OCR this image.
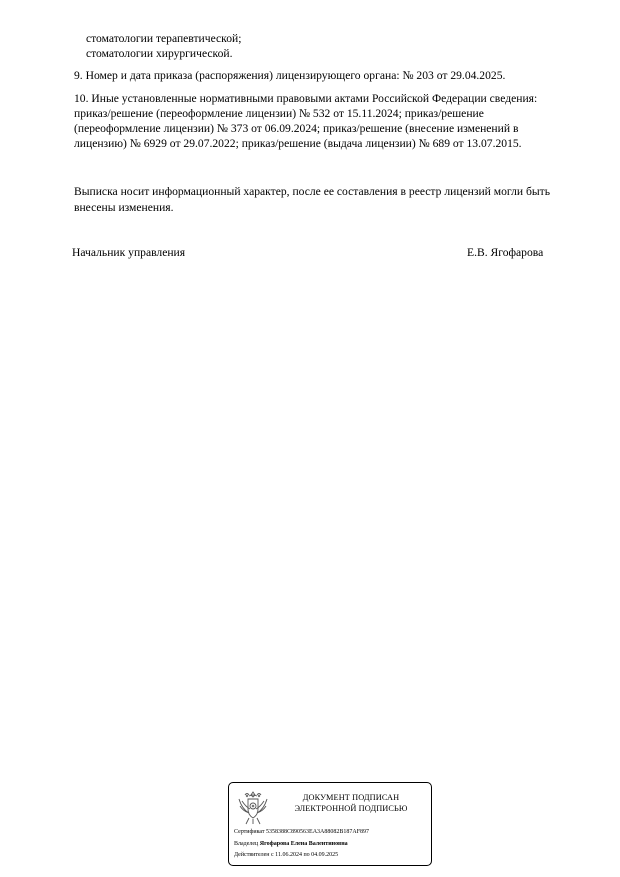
стоматологии терапевтической;
стоматологии хирургической.
9. Номер и дата приказа (распоряжения) лицензирующего органа: № 203 от 29.04.2025.
10. Иные установленные нормативными правовыми актами Российской Федерации сведения:
приказ/решение (переоформление лицензии) № 532 от 15.11.2024; приказ/решение
(переоформление лицензии) № 373 от 06.09.2024; приказ/решение (внесение изменений в
лицензию) № 6929 от 29.07.2022; приказ/решение (выдача лицензии) № 689 от 13.07.2015.
Выписка носит информационный характер, после ее составления в реестр лицензий могли быть
внесены изменения.
Начальник управления	Е.В. Ягофарова
ДОКУМЕНТ ПОДПИСАН
ЭЛЕКТРОННОЙ ПОДПИСЬЮ
Сертификат 5358388C890563EA3A88082B187AF897
Владелец Ягофарова Елена Валентиновна
Действителен с 11.06.2024 по 04.09.2025
